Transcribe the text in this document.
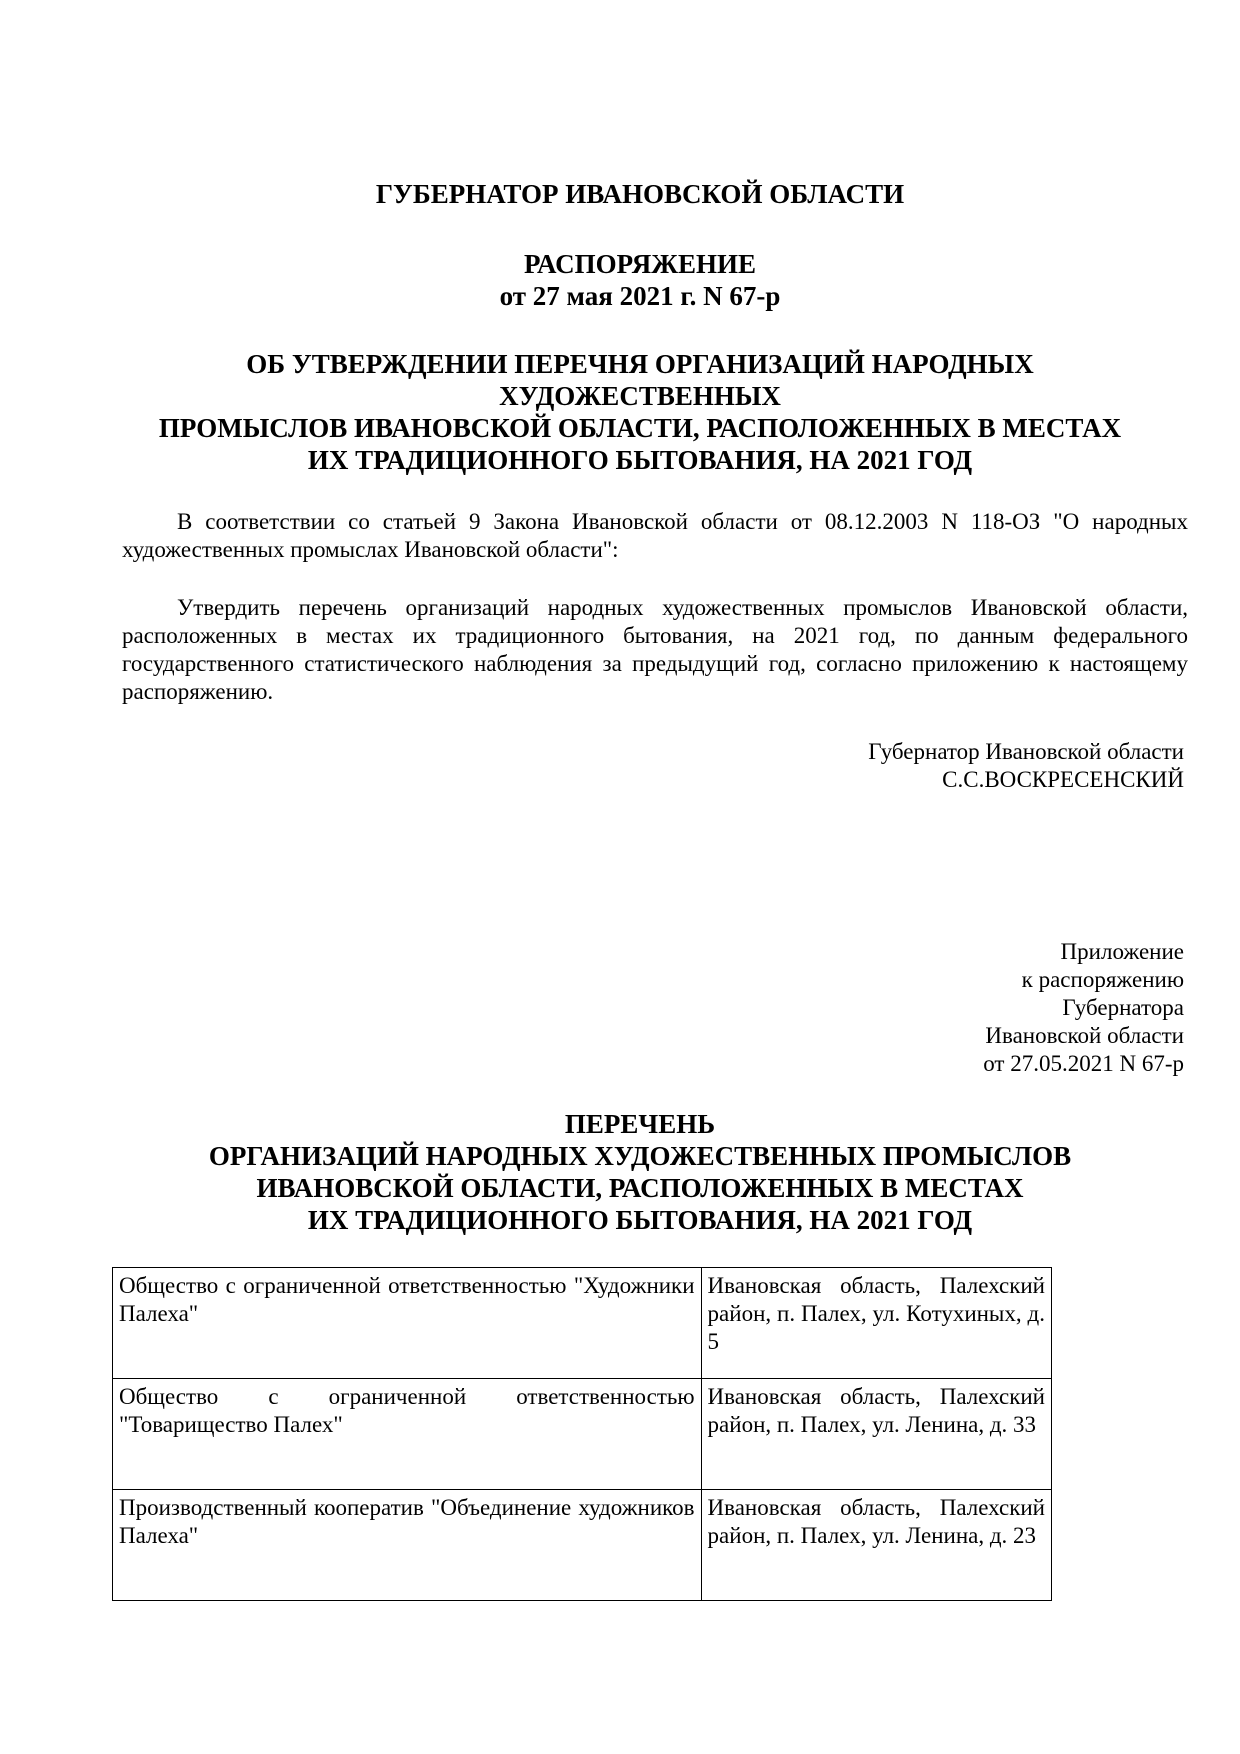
ГУБЕРНАТОР ИВАНОВСКОЙ ОБЛАСТИ
РАСПОРЯЖЕНИЕ
от 27 мая 2021 г. N 67-р
ОБ УТВЕРЖДЕНИИ ПЕРЕЧНЯ ОРГАНИЗАЦИЙ НАРОДНЫХ
ХУДОЖЕСТВЕННЫХ
ПРОМЫСЛОВ ИВАНОВСКОЙ ОБЛАСТИ, РАСПОЛОЖЕННЫХ В МЕСТАХ
ИХ ТРАДИЦИОННОГО БЫТОВАНИЯ, НА 2021 ГОД
В соответствии со статьей 9 Закона Ивановской области от 08.12.2003 N 118-ОЗ "О народных художественных промыслах Ивановской области":
Утвердить перечень организаций народных художественных промыслов Ивановской области, расположенных в местах их традиционного бытования, на 2021 год, по данным федерального государственного статистического наблюдения за предыдущий год, согласно приложению к настоящему распоряжению.
Губернатор Ивановской области
С.С.ВОСКРЕСЕНСКИЙ
Приложение
к распоряжению
Губернатора
Ивановской области
от 27.05.2021 N 67-р
ПЕРЕЧЕНЬ
ОРГАНИЗАЦИЙ НАРОДНЫХ ХУДОЖЕСТВЕННЫХ ПРОМЫСЛОВ
ИВАНОВСКОЙ ОБЛАСТИ, РАСПОЛОЖЕННЫХ В МЕСТАХ
ИХ ТРАДИЦИОННОГО БЫТОВАНИЯ, НА 2021 ГОД
Общество с ограниченной ответственностью "Художники Палеха"	Ивановская область, Палехский район, п. Палех, ул. Котухиных, д. 5
Общество с ограниченной ответственностью "Товарищество Палех"	Ивановская область, Палехский район, п. Палех, ул. Ленина, д. 33
Производственный кооператив "Объединение художников Палеха"	Ивановская область, Палехский район, п. Палех, ул. Ленина, д. 23
